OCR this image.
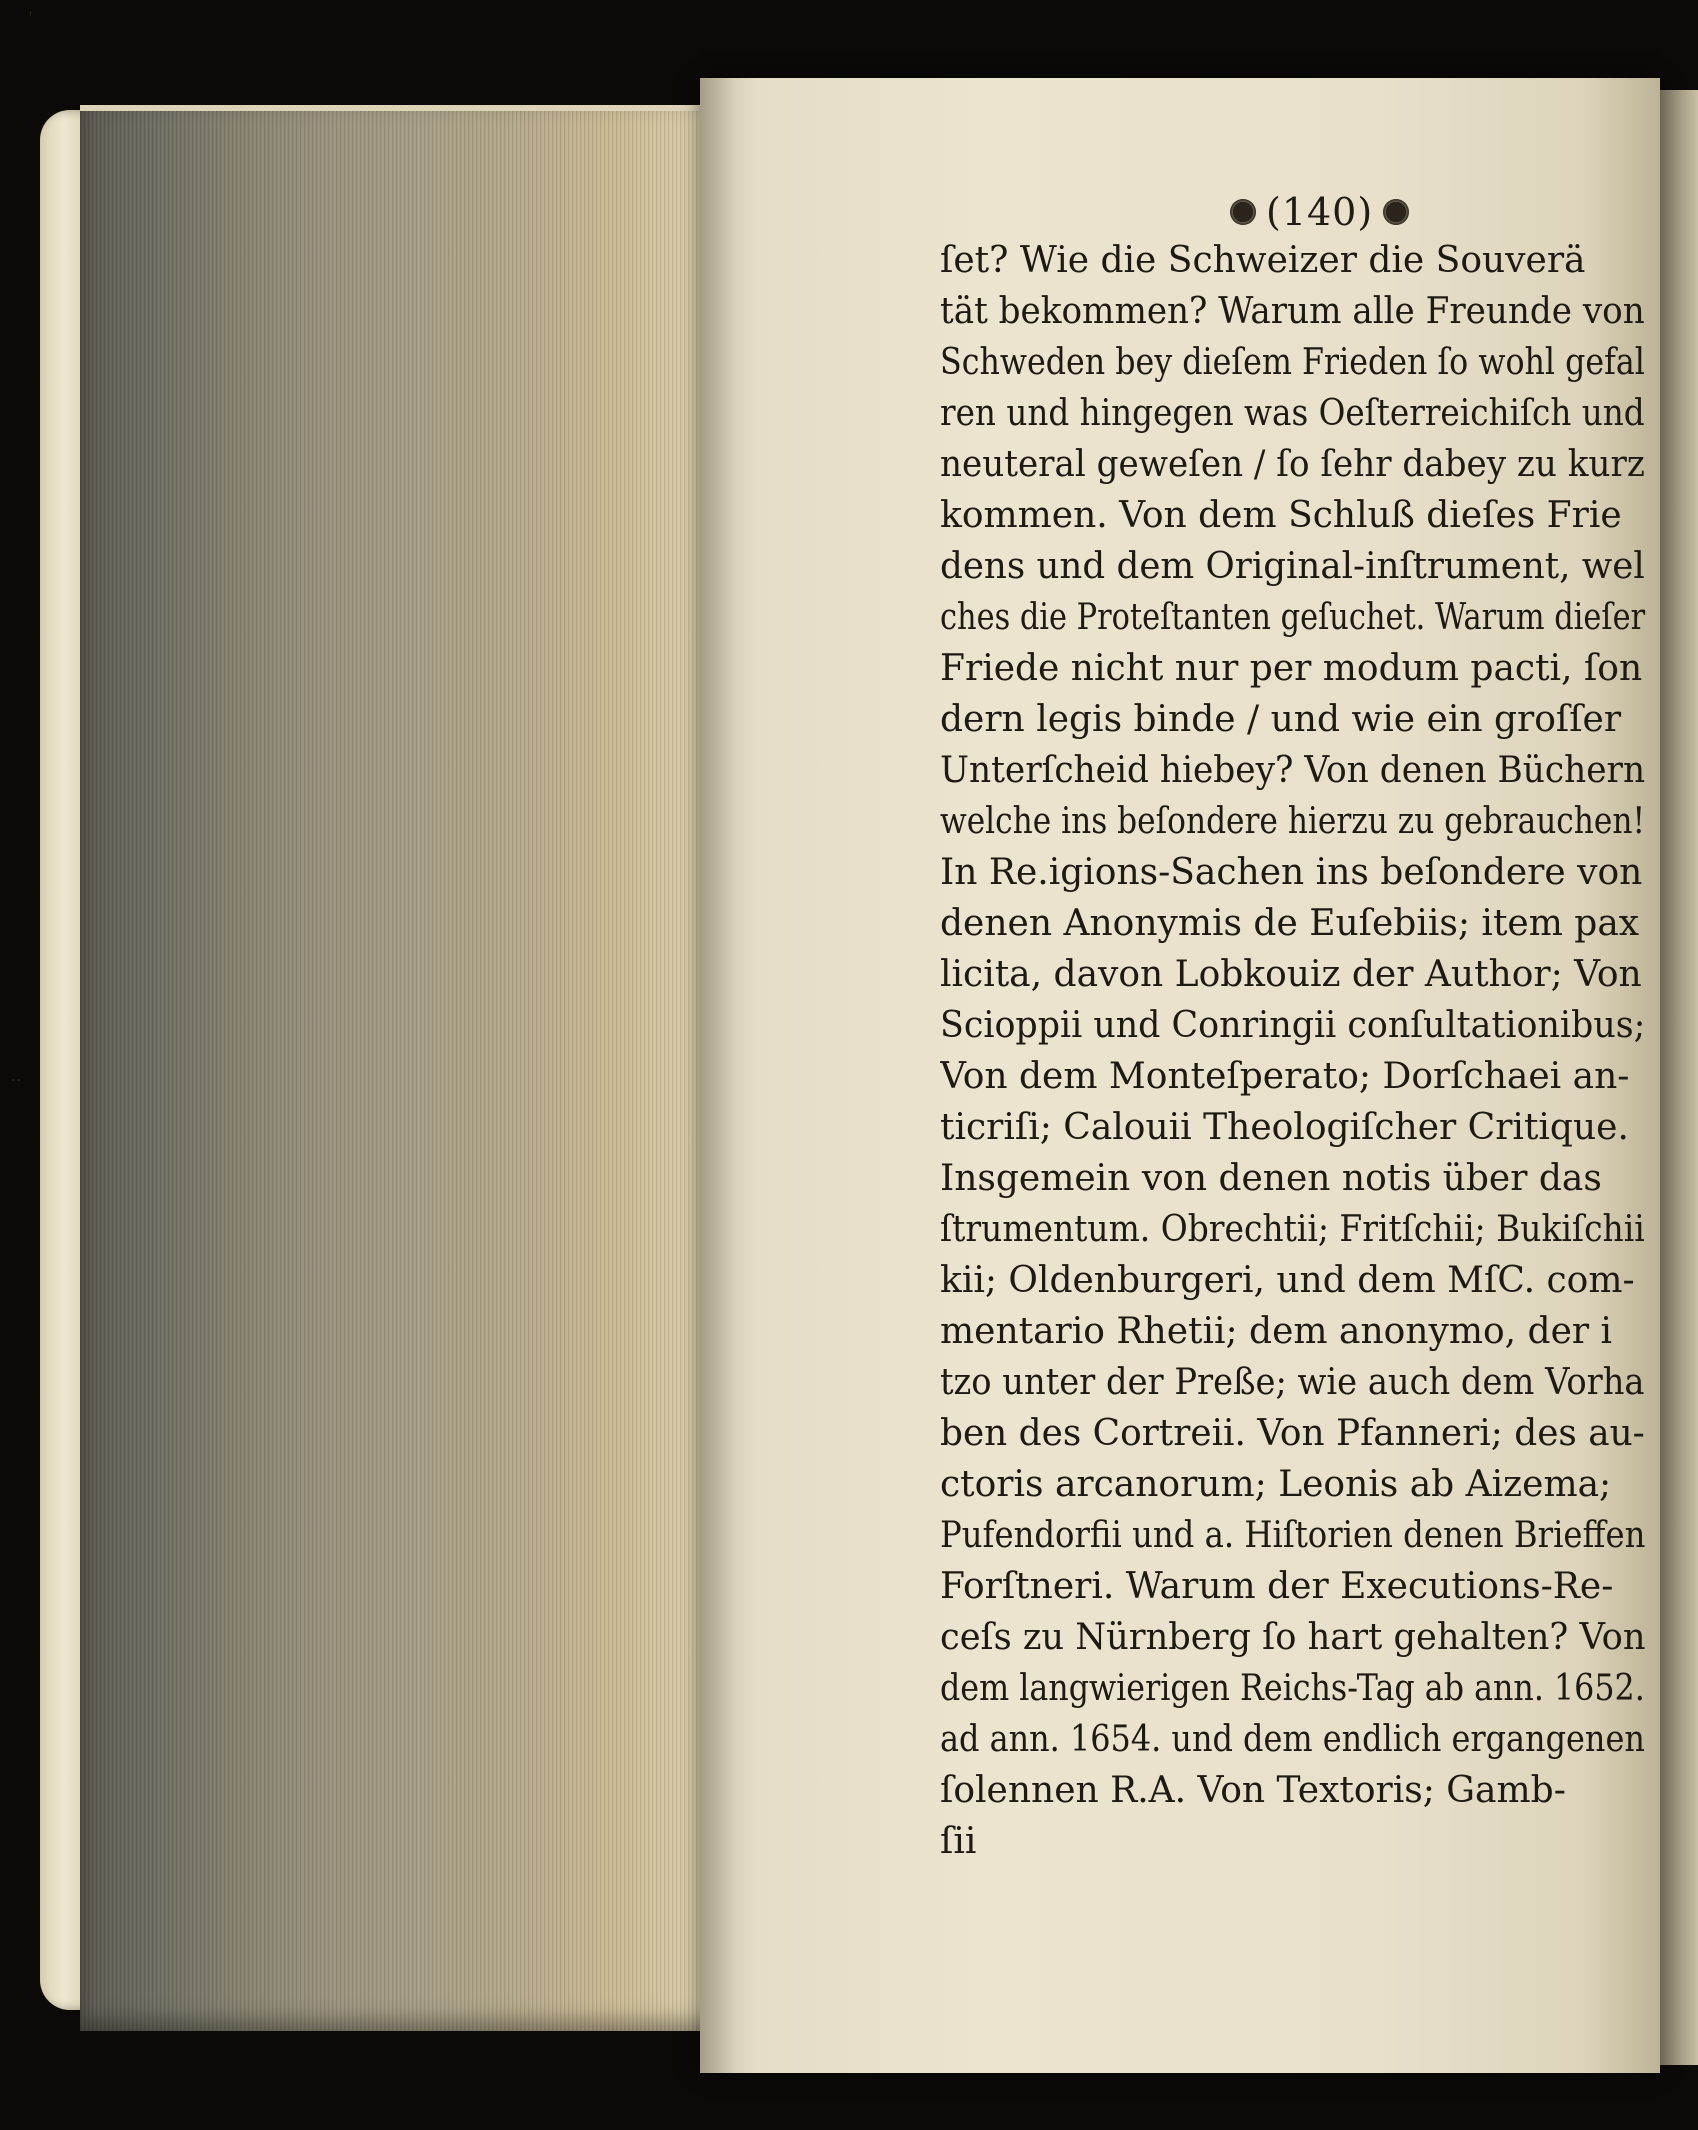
(140)
ſet? Wie die Schweizer die Souverä
tät bekommen? Warum alle Freunde von
Schweden bey dieſem Frieden ſo wohl gefal
ren und hingegen was Oeſterreichiſch und
neuteral geweſen / ſo ſehr dabey zu kurz
kommen. Von dem Schluß dieſes Frie
dens und dem Original-inſtrument, wel
ches die Proteſtanten geſuchet. Warum dieſer
Friede nicht nur per modum pacti, ſon
dern legis binde / und wie ein groſſer
Unterſcheid hiebey? Von denen Büchern
welche ins beſondere hierzu zu gebrauchen!
In Re.igions-Sachen ins beſondere von
denen Anonymis de Euſebiis; item pax
licita, davon Lobkouiz der Author; Von
Scioppii und Conringii conſultationibus;
Von dem Monteſperato; Dorſchaei an-
ticriſi; Calouii Theologiſcher Critique.
Insgemein von denen notis über das
ſtrumentum. Obrechtii; Fritſchii; Bukiſchii
kii; Oldenburgeri, und dem MſC. com-
mentario Rhetii; dem anonymo, der i
tzo unter der Preße; wie auch dem Vorha
ben des Cortreii. Von Pfanneri; des au-
ctoris arcanorum; Leonis ab Aizema;
Pufendorfii und a. Hiſtorien denen Brieffen
Forſtneri. Warum der Executions-Re-
ceſs zu Nürnberg ſo hart gehalten? Von
dem langwierigen Reichs-Tag ab ann. 1652.
ad ann. 1654. und dem endlich ergangenen
ſolennen R.A. Von Textoris; Gamb-
ſii
'
..
